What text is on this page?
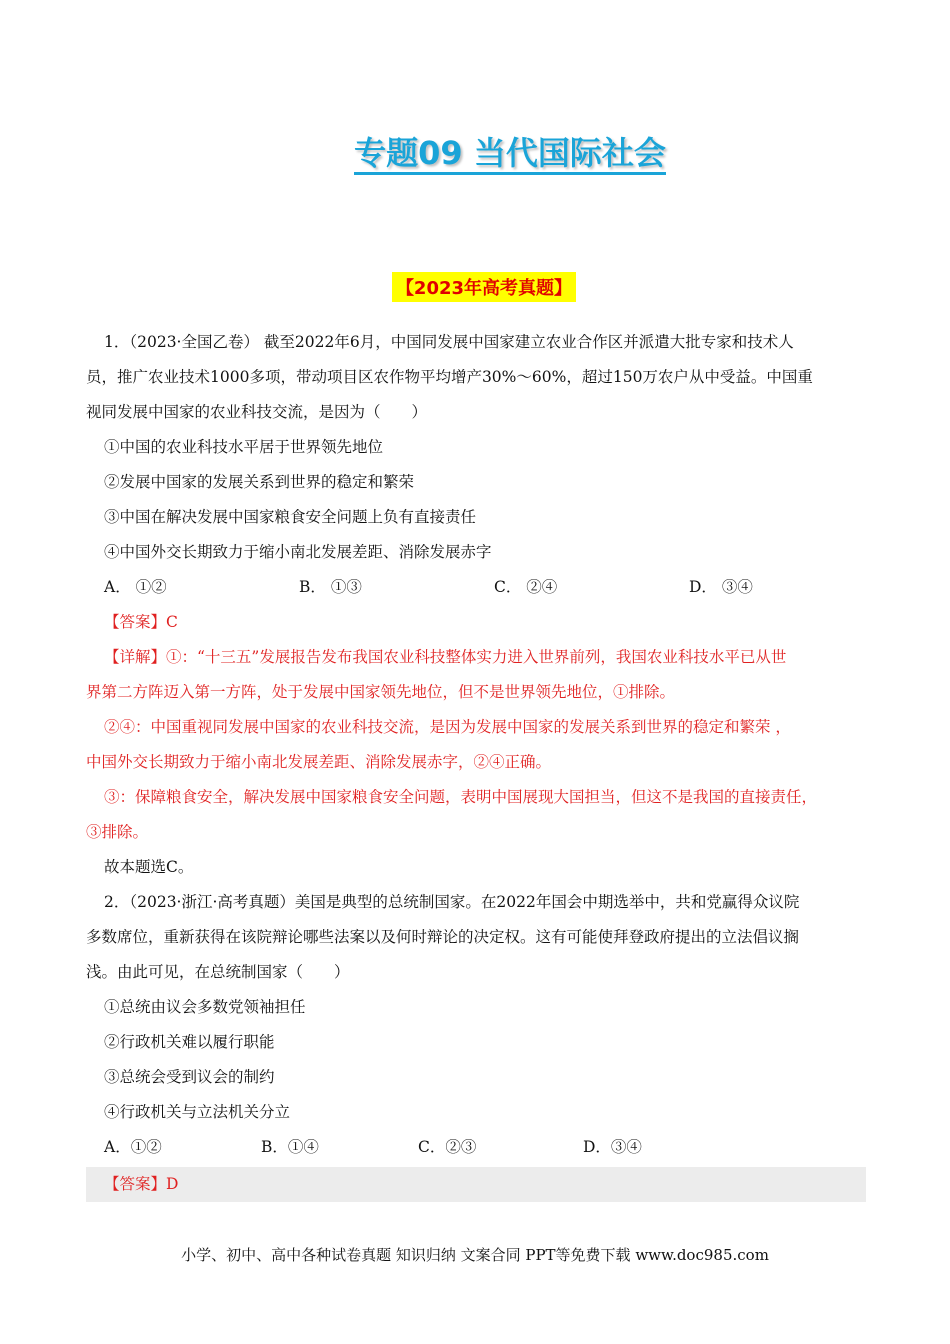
专题09 当代国际社会
【2023年高考真题】

1．（2023·全国乙卷） 截至2022年6月，中国同发展中国家建立农业合作区并派遣大批专家和技术人

员，推广农业技术1000多项，带动项目区农作物平均增产30%～60%，超过150万农户从中受益。中国重

视同发展中国家的农业科技交流，是因为（　　）

①中国的农业科技水平居于世界领先地位

②发展中国家的发展关系到世界的稳定和繁荣

③中国在解决发展中国家粮食安全问题上负有直接责任

④中国外交长期致力于缩小南北发展差距、消除发展赤字

A． ①②	B． ①③	C． ②④	D． ③④

【答案】C

【详解】①：“十三五”发展报告发布我国农业科技整体实力进入世界前列，我国农业科技水平已从世

界第二方阵迈入第一方阵，处于发展中国家领先地位，但不是世界领先地位，①排除。

②④：中国重视同发展中国家的农业科技交流，是因为发展中国家的发展关系到世界的稳定和繁荣 ，

中国外交长期致力于缩小南北发展差距、消除发展赤字，②④正确。

③：保障粮食安全，解决发展中国家粮食安全问题，表明中国展现大国担当，但这不是我国的直接责任，

③排除。

故本题选C。

2．（2023·浙江·高考真题）美国是典型的总统制国家。在2022年国会中期选举中，共和党赢得众议院

多数席位，重新获得在该院辩论哪些法案以及何时辩论的决定权。这有可能使拜登政府提出的立法倡议搁

浅。由此可见，在总统制国家（　　）

①总统由议会多数党领袖担任

②行政机关难以履行职能

③总统会受到议会的制约

④行政机关与立法机关分立

A．①②	B．①④	C．②③	D．③④

【答案】D

小学、初中、高中各种试卷真题 知识归纳 文案合同 PPT等免费下载 www.doc985.com
